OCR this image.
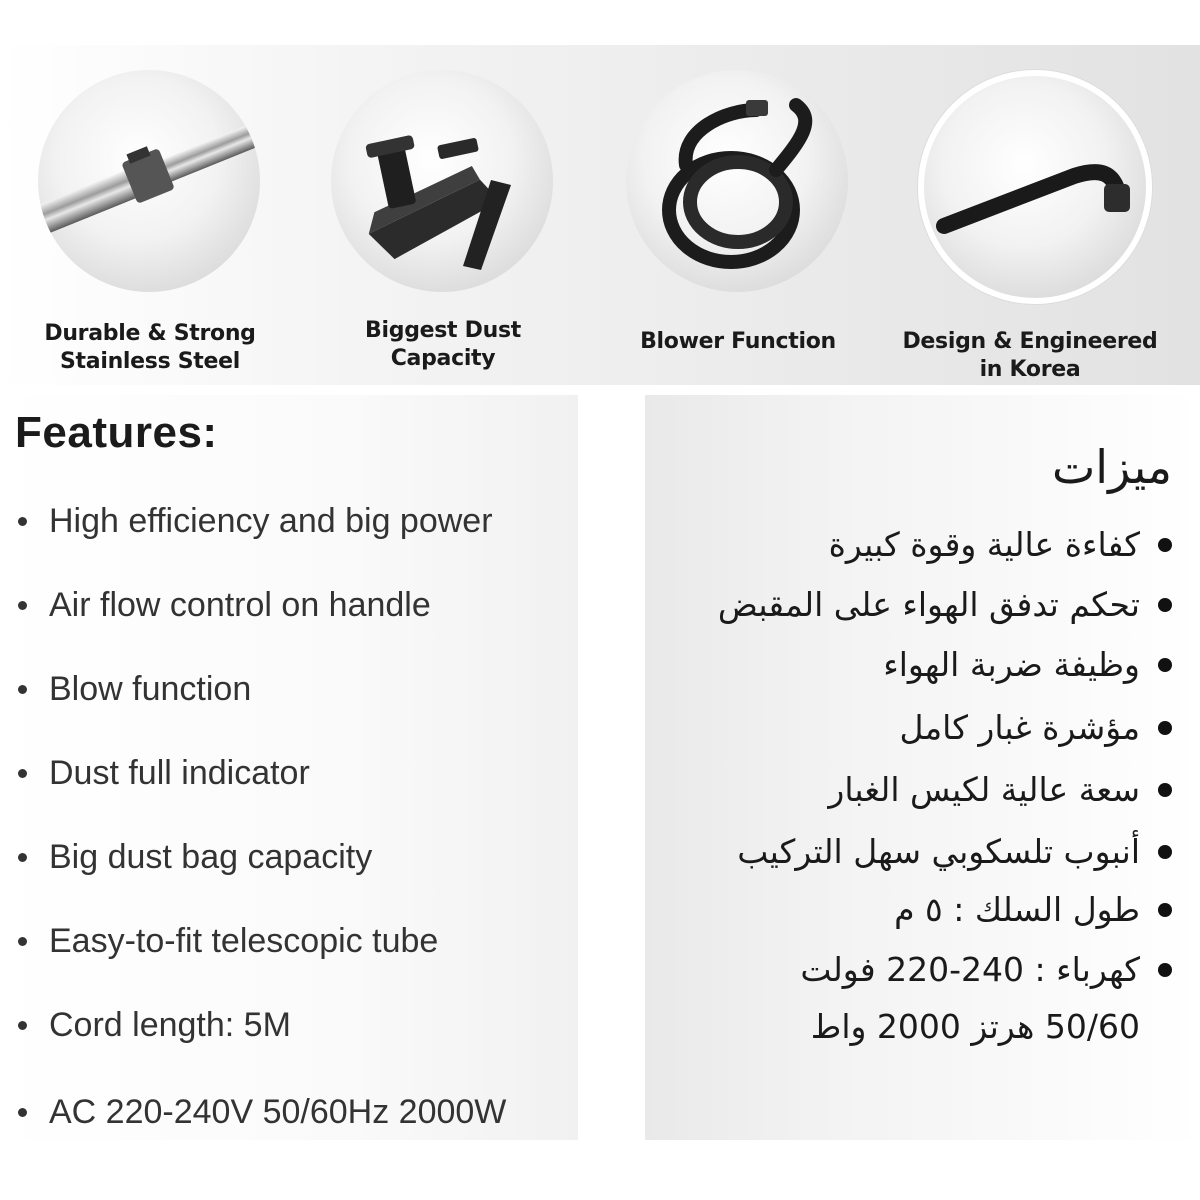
Durable & Strong
Stainless Steel
Biggest Dust Capacity
Blower Function	Design & Engineered
in Korea
Features:
High efficiency and big power
Air flow control on handle
Blow function
Dust full indicator
Big dust bag capacity
Easy-to-fit telescopic tube
Cord length: 5M
AC 220-240V 50/60Hz 2000W
ميزات
كفاءة عالية وقوة كبيرة
تحكم تدفق الهواء على المقبض
وظيفة ضربة الهواء
مؤشرة غبار كامل
سعة عالية لكيس الغبار
أنبوب تلسكوبي سهل التركيب
طول السلك : ٥ م
كهرباء : 240-220 فولت
50/60 هرتز 2000 واط
